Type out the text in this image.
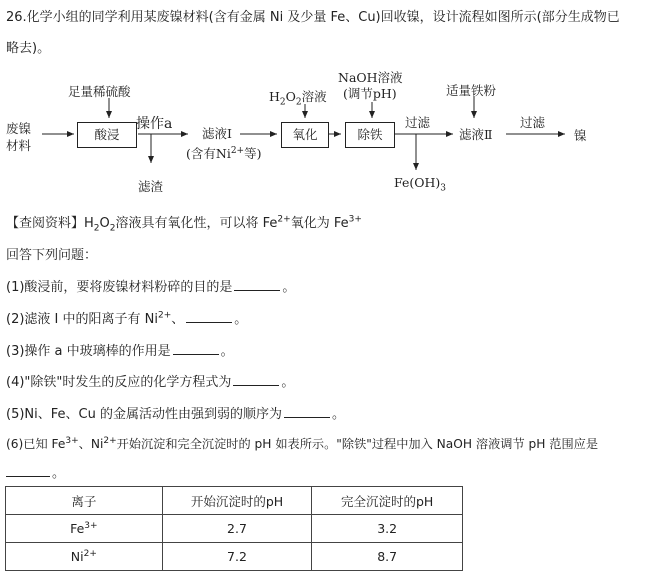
26.化学小组的同学利用某废镍材料(含有金属 Ni 及少量 Fe、Cu)回收镍，设计流程如图所示(部分生成物已
略去)。
废镍
材料
足量稀硫酸
酸浸
操作a
滤渣
滤液Ⅰ
(含有$Ni^{2+}$等)
$H_2O_2$溶液
氧化
NaOH溶液
(调节pH)
除铁
过滤
$Fe(OH)_3$
适量铁粉
滤液Ⅱ
过滤
镍
【查阅资料】$H_2O_2$溶液具有氧化性，可以将 $Fe^{2+}$氧化为 $Fe^{3+}$
回答下列问题：
(1)酸浸前，要将废镍材料粉碎的目的是	。
(2)滤液 I 中的阳离子有 $Ni^{2+}$、	。
(3)操作 a 中玻璃棒的作用是	。
(4)"除铁"时发生的反应的化学方程式为	。
(5)Ni、Fe、Cu 的金属活动性由强到弱的顺序为	。
(6)已知 $Fe^{3+}$、$Ni^{2+}$开始沉淀和完全沉淀时的 pH 如表所示。"除铁"过程中加入 NaOH 溶液调节 pH 范围应是
。
离子	开始沉淀时的pH	完全沉淀时的pH
$Fe^{3+}$	2.7	3.2
$Ni^{2+}$	7.2	8.7
